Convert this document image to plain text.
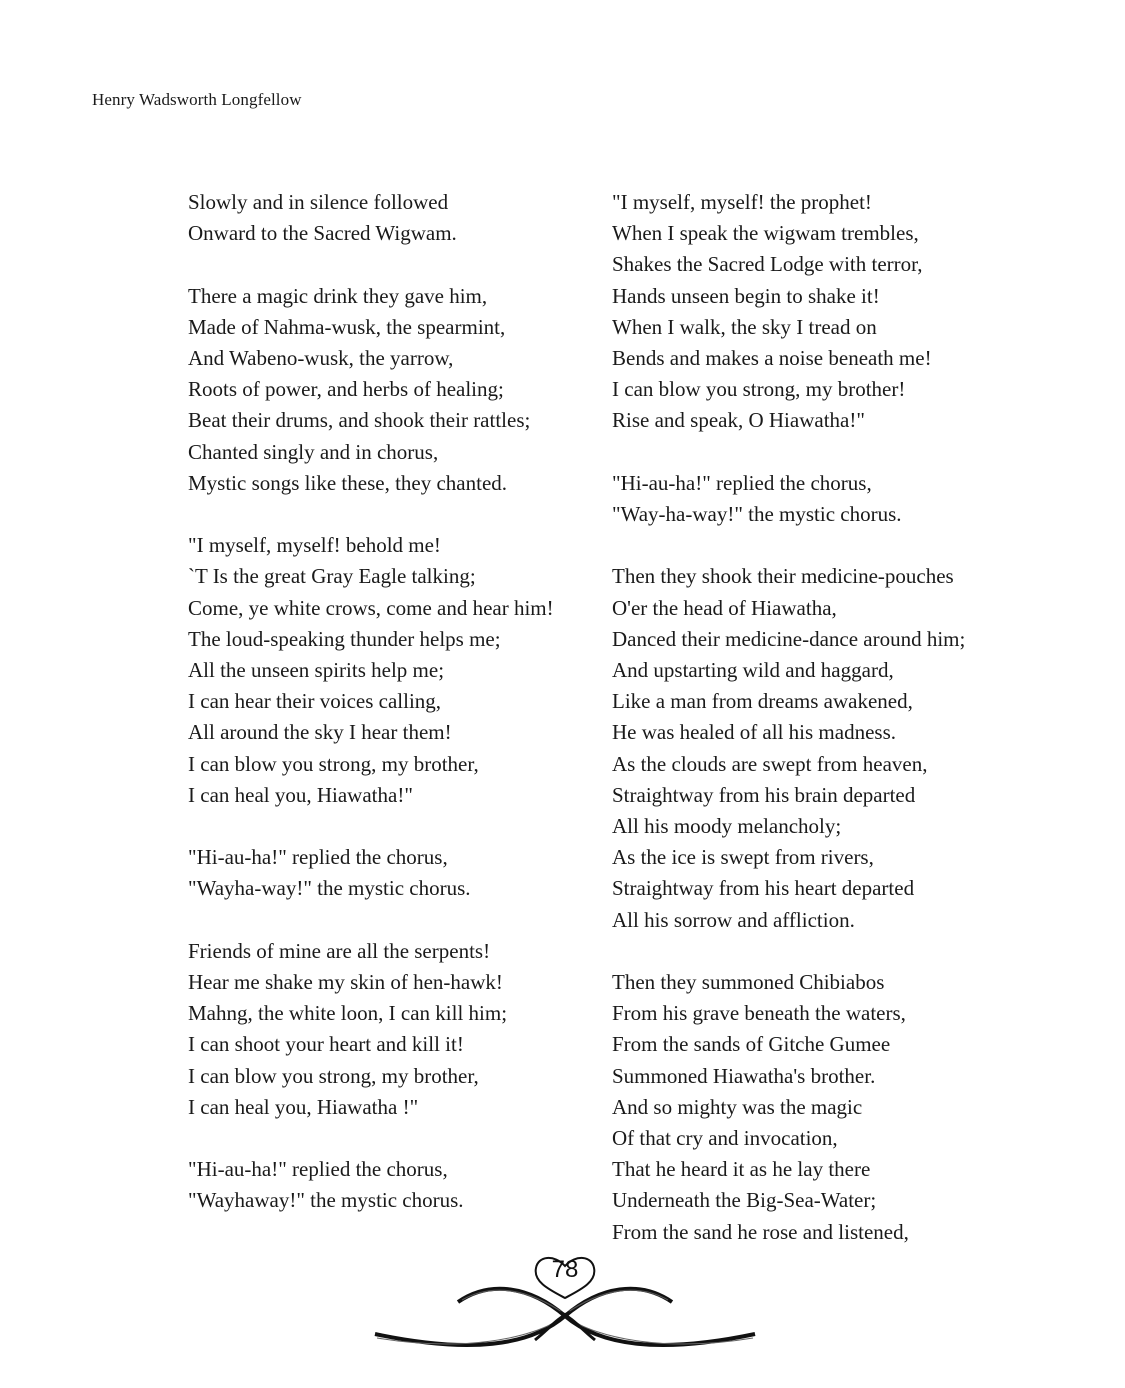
Henry Wadsworth Longfellow
Slowly and in silence followed
Onward to the Sacred Wigwam.
There a magic drink they gave him,
Made of Nahma-wusk, the spearmint,
And Wabeno-wusk, the yarrow,
Roots of power, and herbs of healing;
Beat their drums, and shook their rattles;
Chanted singly and in chorus,
Mystic songs like these, they chanted.
"I myself, myself! behold me!
`T Is the great Gray Eagle talking;
Come, ye white crows, come and hear him!
The loud-speaking thunder helps me;
All the unseen spirits help me;
I can hear their voices calling,
All around the sky I hear them!
I can blow you strong, my brother,
I can heal you, Hiawatha!"
"Hi-au-ha!" replied the chorus,
"Wayha-way!" the mystic chorus.
Friends of mine are all the serpents!
Hear me shake my skin of hen-hawk!
Mahng, the white loon, I can kill him;
I can shoot your heart and kill it!
I can blow you strong, my brother,
I can heal you, Hiawatha !"
"Hi-au-ha!" replied the chorus,
"Wayhaway!" the mystic chorus.
"I myself, myself! the prophet!
When I speak the wigwam trembles,
Shakes the Sacred Lodge with terror,
Hands unseen begin to shake it!
When I walk, the sky I tread on
Bends and makes a noise beneath me!
I can blow you strong, my brother!
Rise and speak, O Hiawatha!"
"Hi-au-ha!" replied the chorus,
"Way-ha-way!" the mystic chorus.
Then they shook their medicine-pouches
O'er the head of Hiawatha,
Danced their medicine-dance around him;
And upstarting wild and haggard,
Like a man from dreams awakened,
He was healed of all his madness.
As the clouds are swept from heaven,
Straightway from his brain departed
All his moody melancholy;
As the ice is swept from rivers,
Straightway from his heart departed
All his sorrow and affliction.
Then they summoned Chibiabos
From his grave beneath the waters,
From the sands of Gitche Gumee
Summoned Hiawatha's brother.
And so mighty was the magic
Of that cry and invocation,
That he heard it as he lay there
Underneath the Big-Sea-Water;
From the sand he rose and listened,
78
